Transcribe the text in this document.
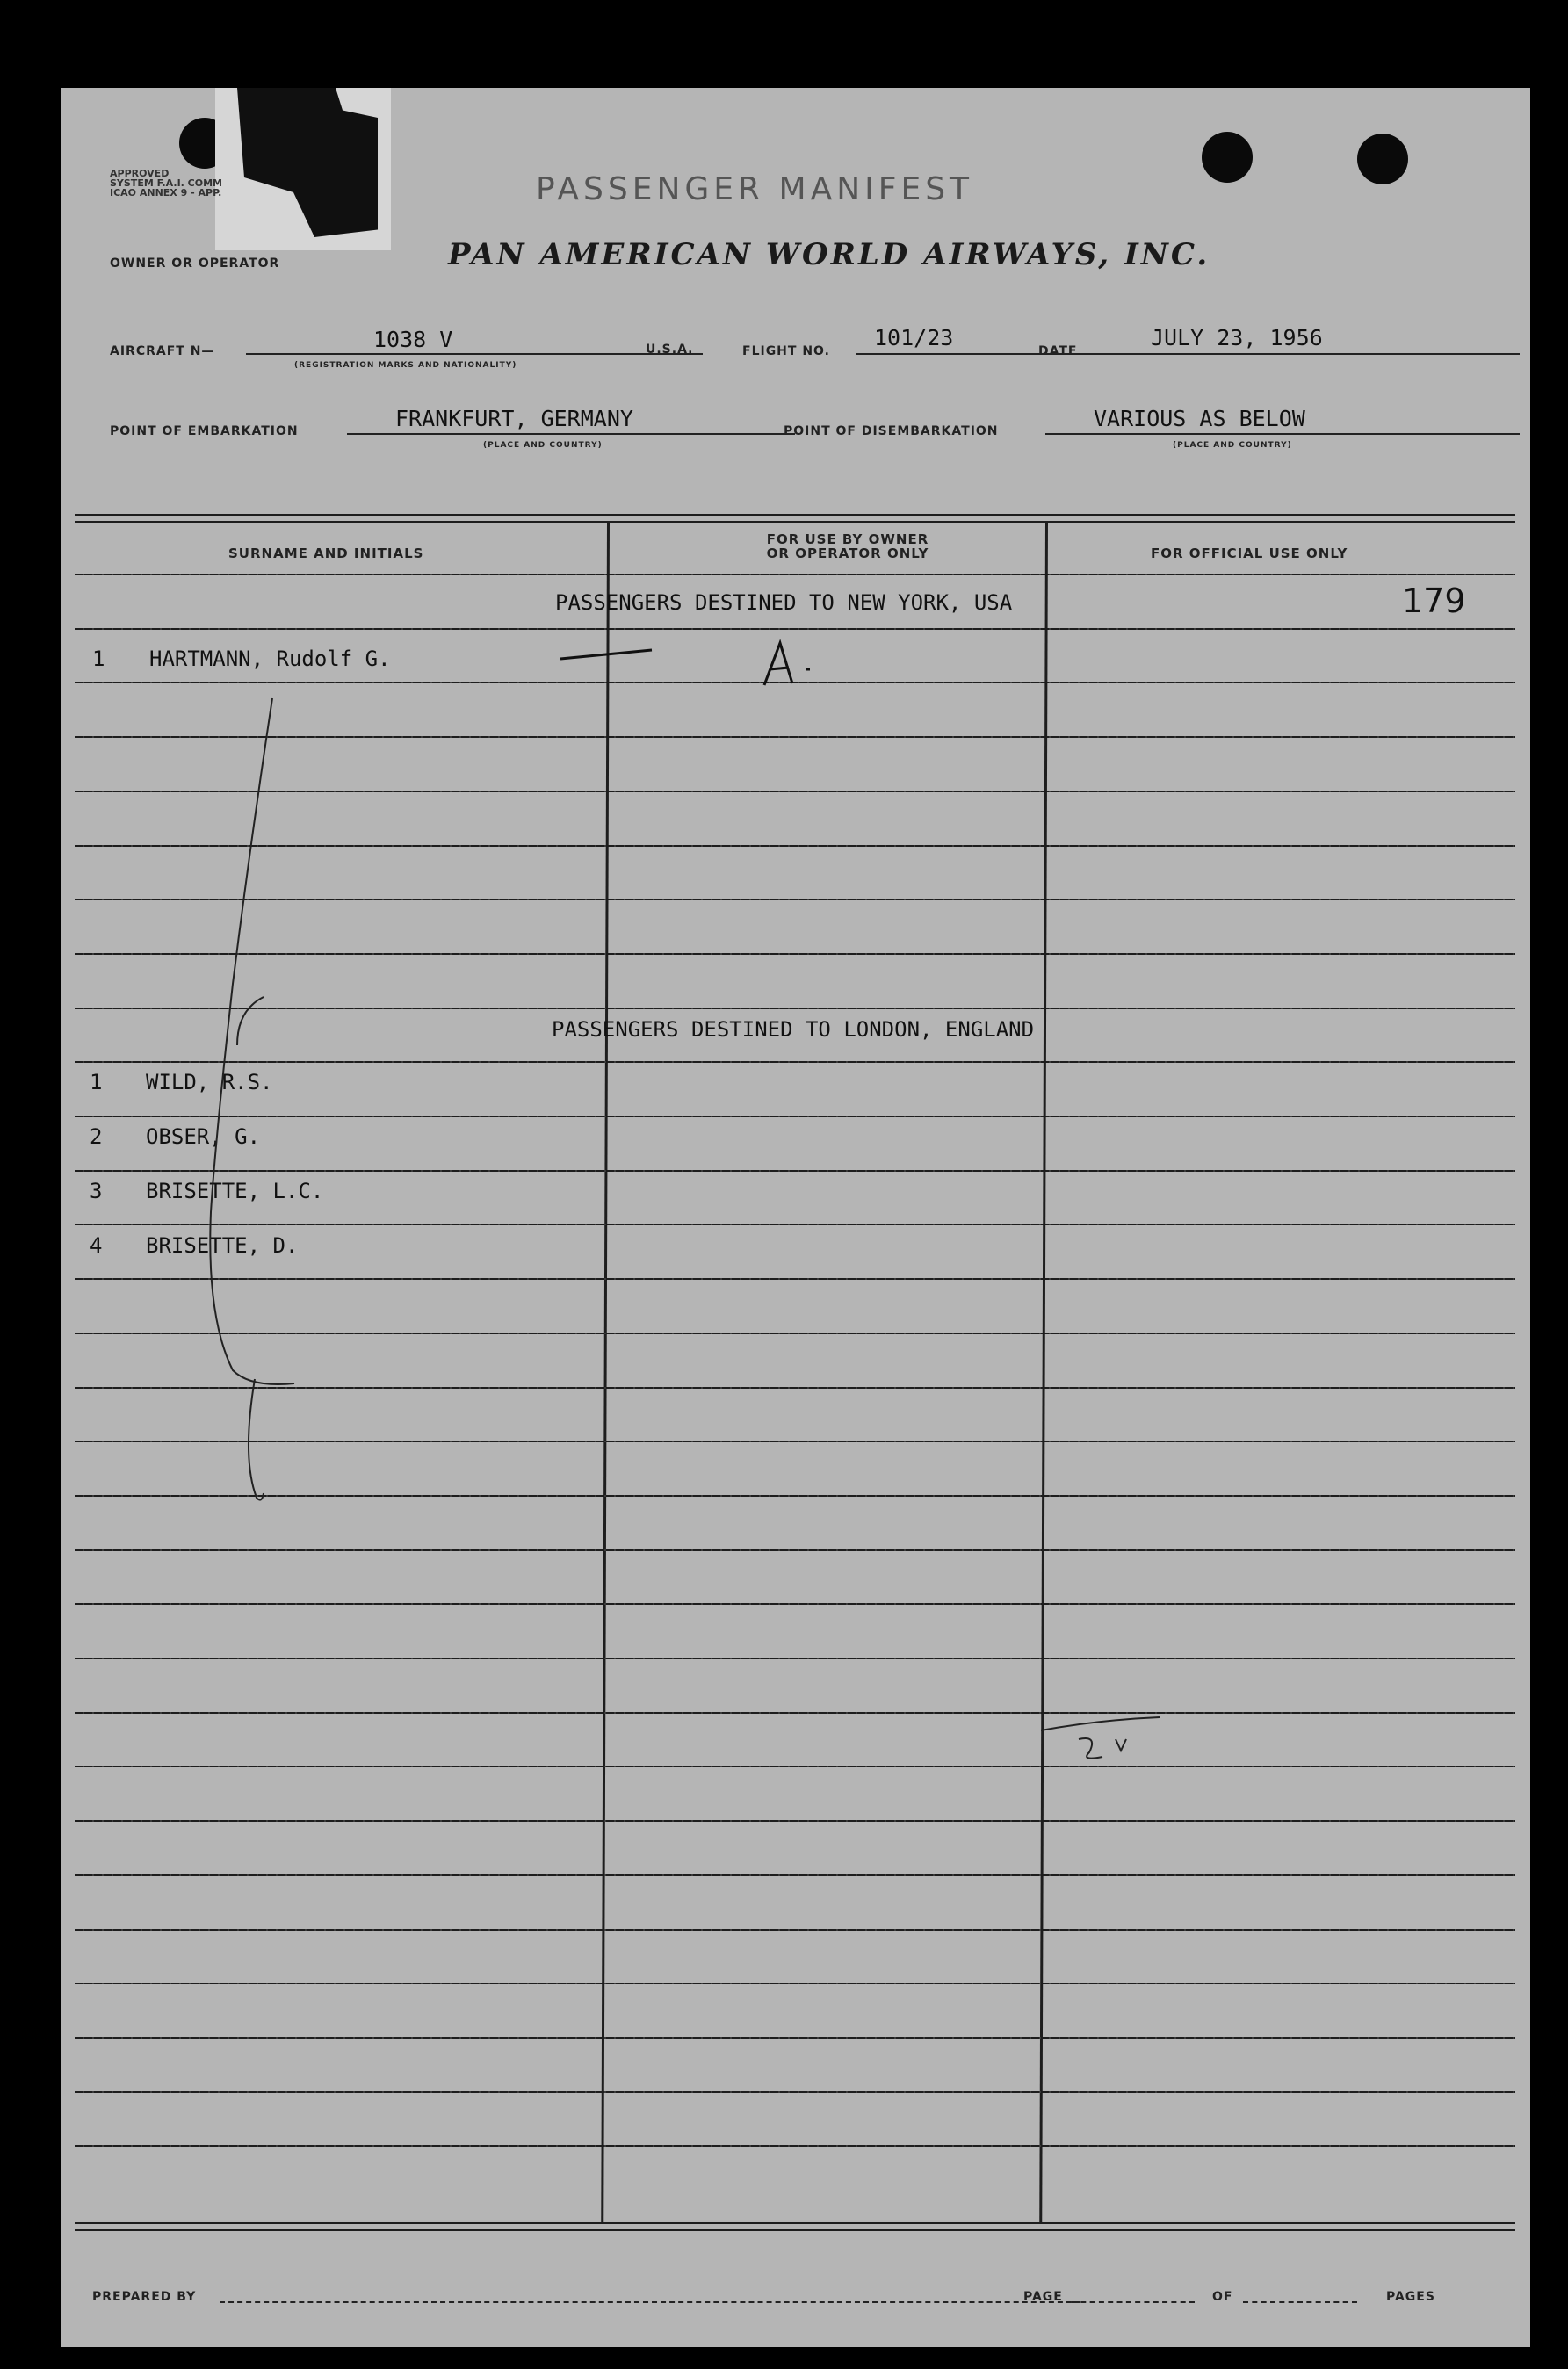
APPROVED
SYSTEM F.A.I. COMM
ICAO ANNEX 9 - APP.	PASSENGER MANIFEST
PAN AMERICAN WORLD AIRWAYS, INC.
OWNER OR OPERATOR
AIRCRAFT N—	1038 V
(REGISTRATION MARKS AND NATIONALITY)
U.S.A.	FLIGHT NO.
101/23
DATE
JULY 23, 1956
POINT OF EMBARKATION	FRANKFURT, GERMANY
(PLACE AND COUNTRY)
POINT OF DISEMBARKATION	VARIOUS AS BELOW
(PLACE AND COUNTRY)
SURNAME AND INITIALS
FOR USE BY OWNER
OR OPERATOR ONLY	FOR OFFICIAL USE ONLY
PASSENGERS DESTINED TO NEW YORK, USA	179
1 HARTMANN, Rudolf G.
PASSENGERS DESTINED TO LONDON, ENGLAND
1 WILD, R.S.
2 OBSER, G.
3 BRISETTE, L.C.
4 BRISETTE, D.
PREPARED BY	PAGE	OF	PAGES
